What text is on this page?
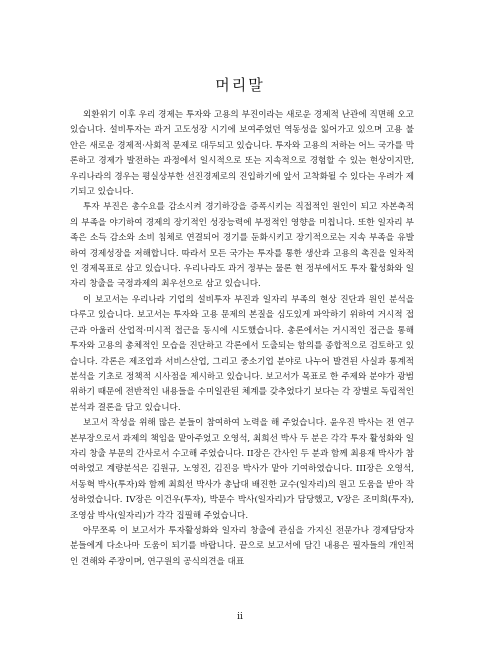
머리말

외환위기 이후 우리 경제는 투자와 고용의 부진이라는 새로운 경제적 난관에 직면해 오고 있습니다. 설비투자는 과거 고도성장 시기에 보여주었던 역동성을 잃어가고 있으며 고용 불안은 새로운 경제적·사회적 문제로 대두되고 있습니다. 투자와 고용의 저하는 어느 국가를 막론하고 경제가 발전하는 과정에서 일시적으로 또는 지속적으로 경험할 수 있는 현상이지만, 우리나라의 경우는 평실상부한 선진경제로의 진입하기에 앞서 고착화될 수 있다는 우려가 제기되고 있습니다.

투자 부진은 총수요를 감소시켜 경기하강을 증폭시키는 직접적인 원인이 되고 자본축적의 부족을 야기하여 경제의 장기적인 성장능력에 부정적인 영향을 미칩니다. 또한 일자리 부족은 소득 감소와 소비 침체로 연결되어 경기를 둔화시키고 장기적으로는 지속 부족을 유발하여 경제성장을 저해합니다. 따라서 모든 국가는 투자를 통한 생산과 고용의 촉진을 일차적인 경제목표로 삼고 있습니다. 우리나라도 과거 정부는 물론 현 정부에서도 투자 활성화와 일자리 창출을 국정과제의 최우선으로 삼고 있습니다.

이 보고서는 우리나라 기업의 설비투자 부진과 일자리 부족의 현상 진단과 원인 분석을 다루고 있습니다. 보고서는 투자와 고용 문제의 본질을 심도있게 파악하기 위하여 거시적 접근과 아울러 산업적·미시적 접근을 동시에 시도했습니다. 총론에서는 거시적인 접근을 통해 투자와 고용의 총체적인 모습을 진단하고 각론에서 도출되는 함의를 종합적으로 검토하고 있습니다. 각론은 제조업과 서비스산업, 그리고 중소기업 분야로 나누어 발견된 사실과 통계적 분석을 기초로 정책적 시사점을 제시하고 있습니다. 보고서가 목표로 한 주제와 분야가 광범위하기 때문에 전반적인 내용들을 수미일관된 체계를 갖추었다기 보다는 각 장별로 독립적인 분석과 결론을 담고 있습니다.

보고서 작성을 위해 많은 분들이 참여하여 노력을 해 주었습니다. 윤우진 박사는 전 연구본부장으로서 과제의 책임을 맡아주었고 오영석, 최희선 박사 두 분은 각각 투자 활성화와 일자리 창출 부문의 간사로서 수고해 주었습니다. II장은 간사인 두 분과 함께 최용재 박사가 참여하였고 계량분석은 김원규, 노영진, 김진응 박사가 맡아 기여하였습니다. III장은 오영석, 서동혁 박사(투자)와 함께 최희선 박사가 총납대 배진한 교수(일자리)의 원고 도움을 받아 작성하였습니다. IV장은 이건우(투자), 박문수 박사(일자리)가 담당했고, V장은 조미희(투자), 조영삼 박사(일자리)가 각각 집필해 주었습니다.

아무쪼록 이 보고서가 투자활성화와 일자리 창출에 관심을 가지신 전문가나 경제담당자 분들에게 다소나마 도움이 되기를 바랍니다. 끝으로 보고서에 담긴 내용은 필자들의 개인적인 견해와 주장이며, 연구원의 공식의견을 대표

ii
